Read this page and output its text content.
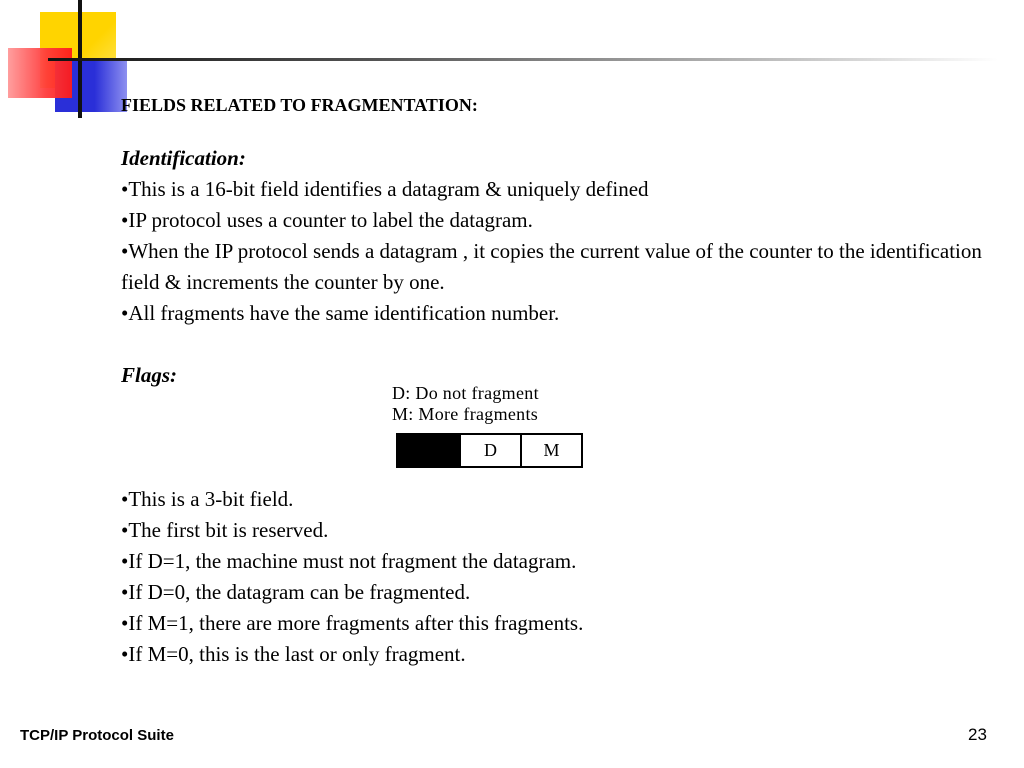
FIELDS RELATED TO FRAGMENTATION:

Identification:

•This is a 16-bit field identifies a datagram & uniquely defined

•IP protocol uses a counter to label the datagram.

•When the IP protocol sends a datagram , it copies the current value of the counter to the identification field & increments the counter by one.

•All fragments have the same identification number.

Flags:

•This is a 3-bit field.

•The first bit is reserved.

•If D=1, the machine must not fragment the datagram.

•If D=0, the datagram can be fragmented.

•If M=1, there are more fragments after this fragments.

•If M=0, this is the last or only fragment.

D: Do not fragment

M: More fragments

D	M
TCP/IP Protocol Suite	23
